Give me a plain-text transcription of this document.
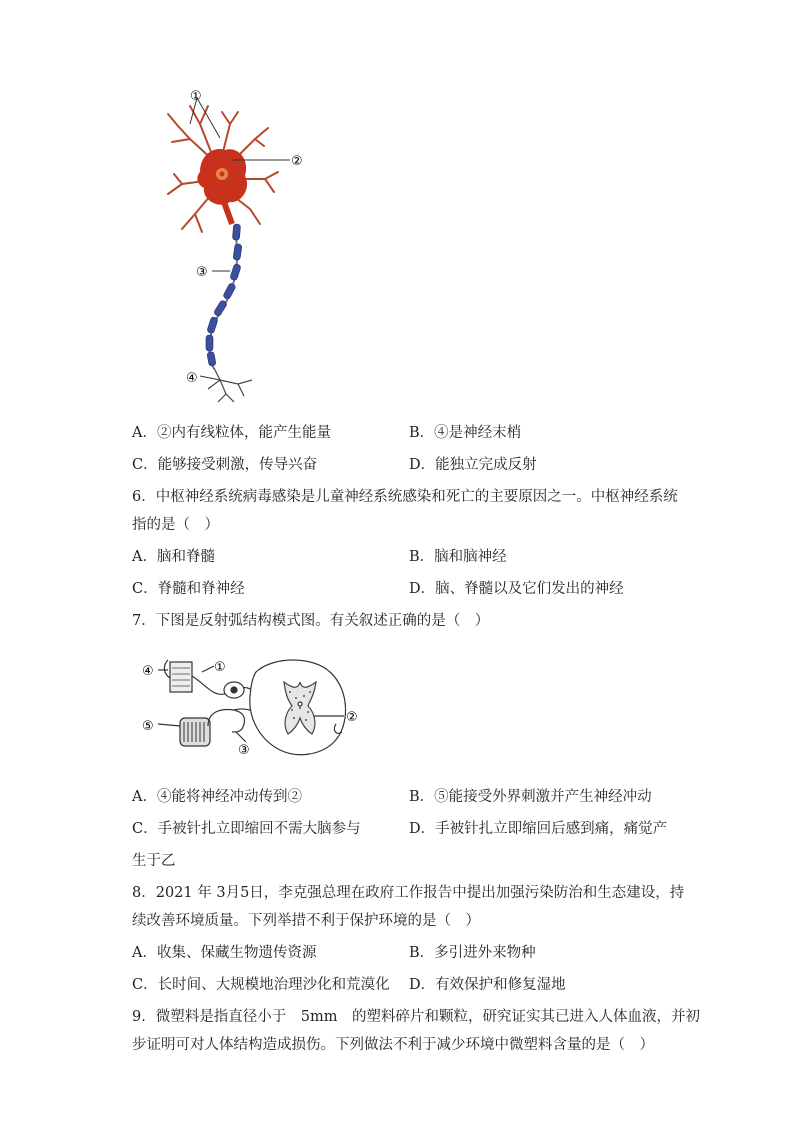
①
②
③
④
A．②内有线粒体，能产生能量	B．④是神经末梢
C．能够接受刺激，传导兴奋	D．能独立完成反射
6．中枢神经系统病毒感染是儿童神经系统感染和死亡的主要原因之一。中枢神经系统
指的是（　）
A．脑和脊髓	B．脑和脑神经
C．脊髓和脊神经	D．脑、脊髓以及它们发出的神经
7．下图是反射弧结构模式图。有关叙述正确的是（　）
④	①
②
⑤
③
A．④能将神经冲动传到②	B．⑤能接受外界刺激并产生神经冲动
C．手被针扎立即缩回不需大脑参与	D．手被针扎立即缩回后感到痛，痛觉产
生于乙
8．2021 年 3月5日，李克强总理在政府工作报告中提出加强污染防治和生态建设，持
续改善环境质量。下列举措不利于保护环境的是（　）
A．收集、保藏生物遗传资源	B．多引进外来物种
C．长时间、大规模地治理沙化和荒漠化 D．有效保护和修复湿地
9．微塑料是指直径小于　5mm　的塑料碎片和颗粒，研究证实其已进入人体血液，并初
步证明可对人体结构造成损伤。下列做法不利于减少环境中微塑料含量的是（　）
